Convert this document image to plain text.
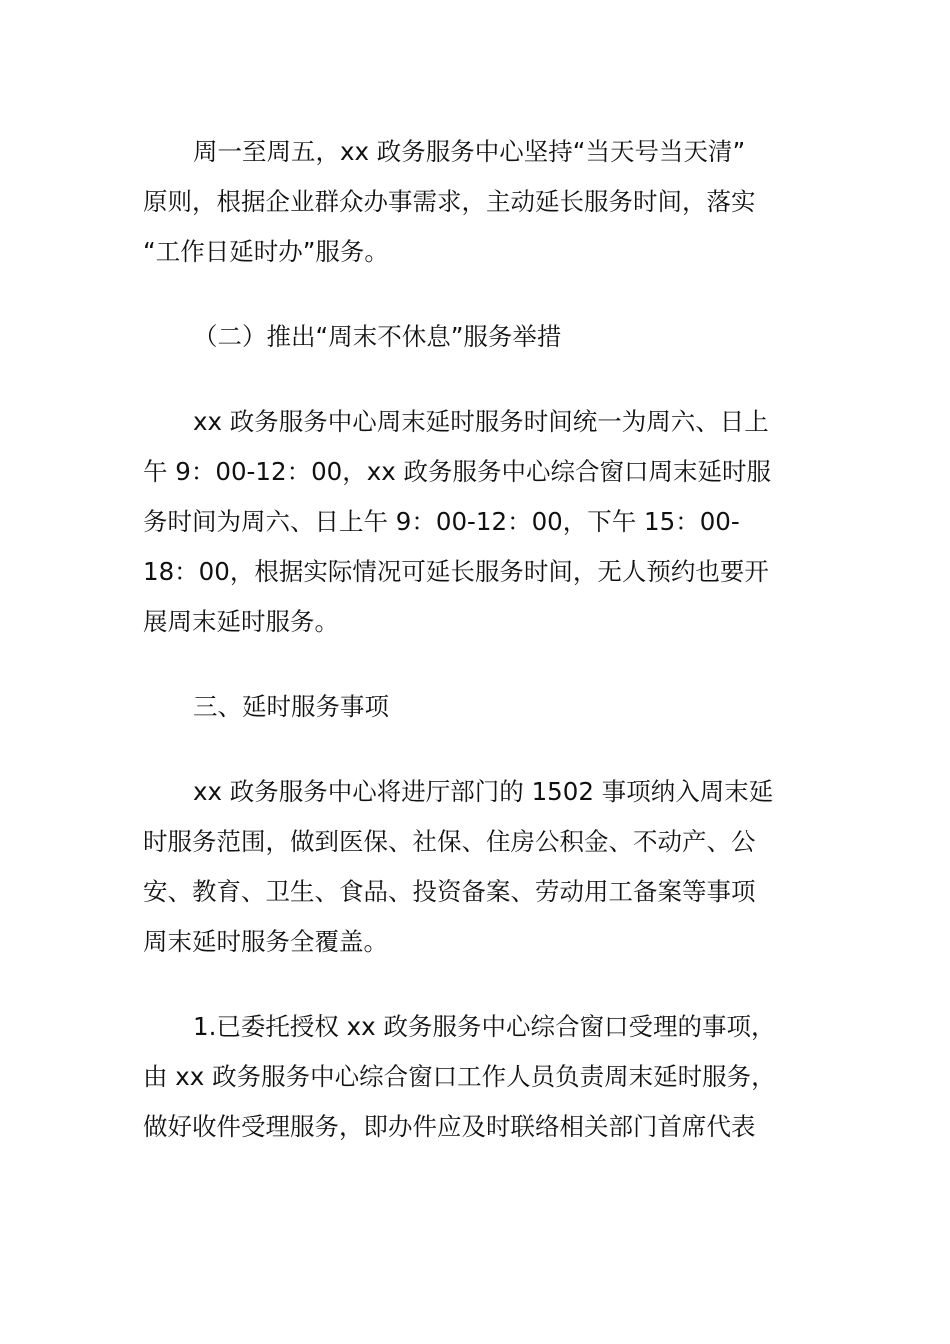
周一至周五，xx 政务服务中心坚持“当天号当天清”
原则，根据企业群众办事需求，主动延长服务时间，落实
“工作日延时办”服务。
（二）推出“周末不休息”服务举措
xx 政务服务中心周末延时服务时间统一为周六、日上
午 9：00-12：00，xx 政务服务中心综合窗口周末延时服
务时间为周六、日上午 9：00-12：00，下午 15：00-
18：00，根据实际情况可延长服务时间，无人预约也要开
展周末延时服务。
三、延时服务事项
xx 政务服务中心将进厅部门的 1502 事项纳入周末延
时服务范围，做到医保、社保、住房公积金、不动产、公
安、教育、卫生、食品、投资备案、劳动用工备案等事项
周末延时服务全覆盖。
1.已委托授权 xx 政务服务中心综合窗口受理的事项，
由 xx 政务服务中心综合窗口工作人员负责周末延时服务，
做好收件受理服务，即办件应及时联络相关部门首席代表
